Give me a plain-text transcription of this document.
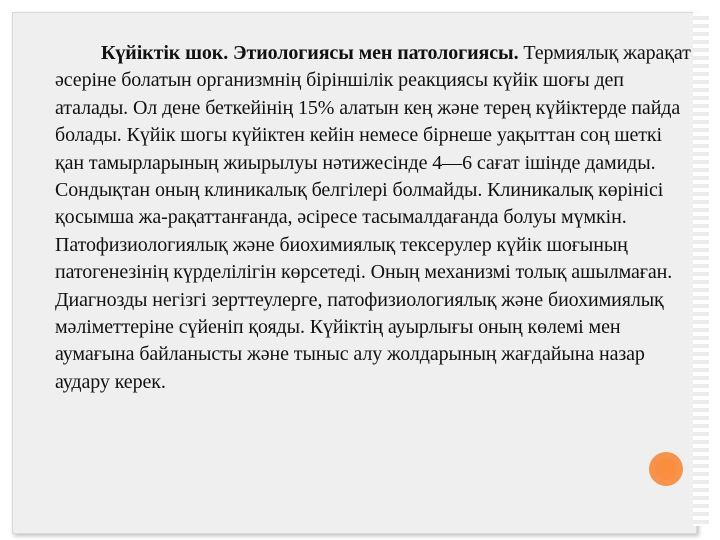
Күйіктік шок. Этиологиясы мен патологиясы. Термиялық жарақат әсеріне болатын организмнің біріншілік реакциясы күйік шоғы деп аталады. Ол дене беткейінің 15% алатын кең және терең күйіктерде пайда болады. Күйік шогы күйіктен кейін немесе бірнеше уақыттан соң шеткі қан тамырларының жиырылуы нәтижесінде 4—6 сағат ішінде дамиды. Сондықтан оның клиникалық белгілері болмайды. Клиникалық көрінісі қосымша жа-рақаттанғанда, әсіресе тасымалдағанда болуы мүмкін. Патофизиологиялық және биохимиялық тексерулер күйік шоғының патогенезінің күрделілігін көрсетеді. Оның механизмі толық ашылмаған. Диагнозды негізгі зерттеулерге, патофизиологиялық және биохимиялық мәліметтеріне сүйеніп қояды. Күйіктің ауырлығы оның көлемі мен аумағына байланысты және тыныс алу жолдарының жағдайына назар аудару керек.
